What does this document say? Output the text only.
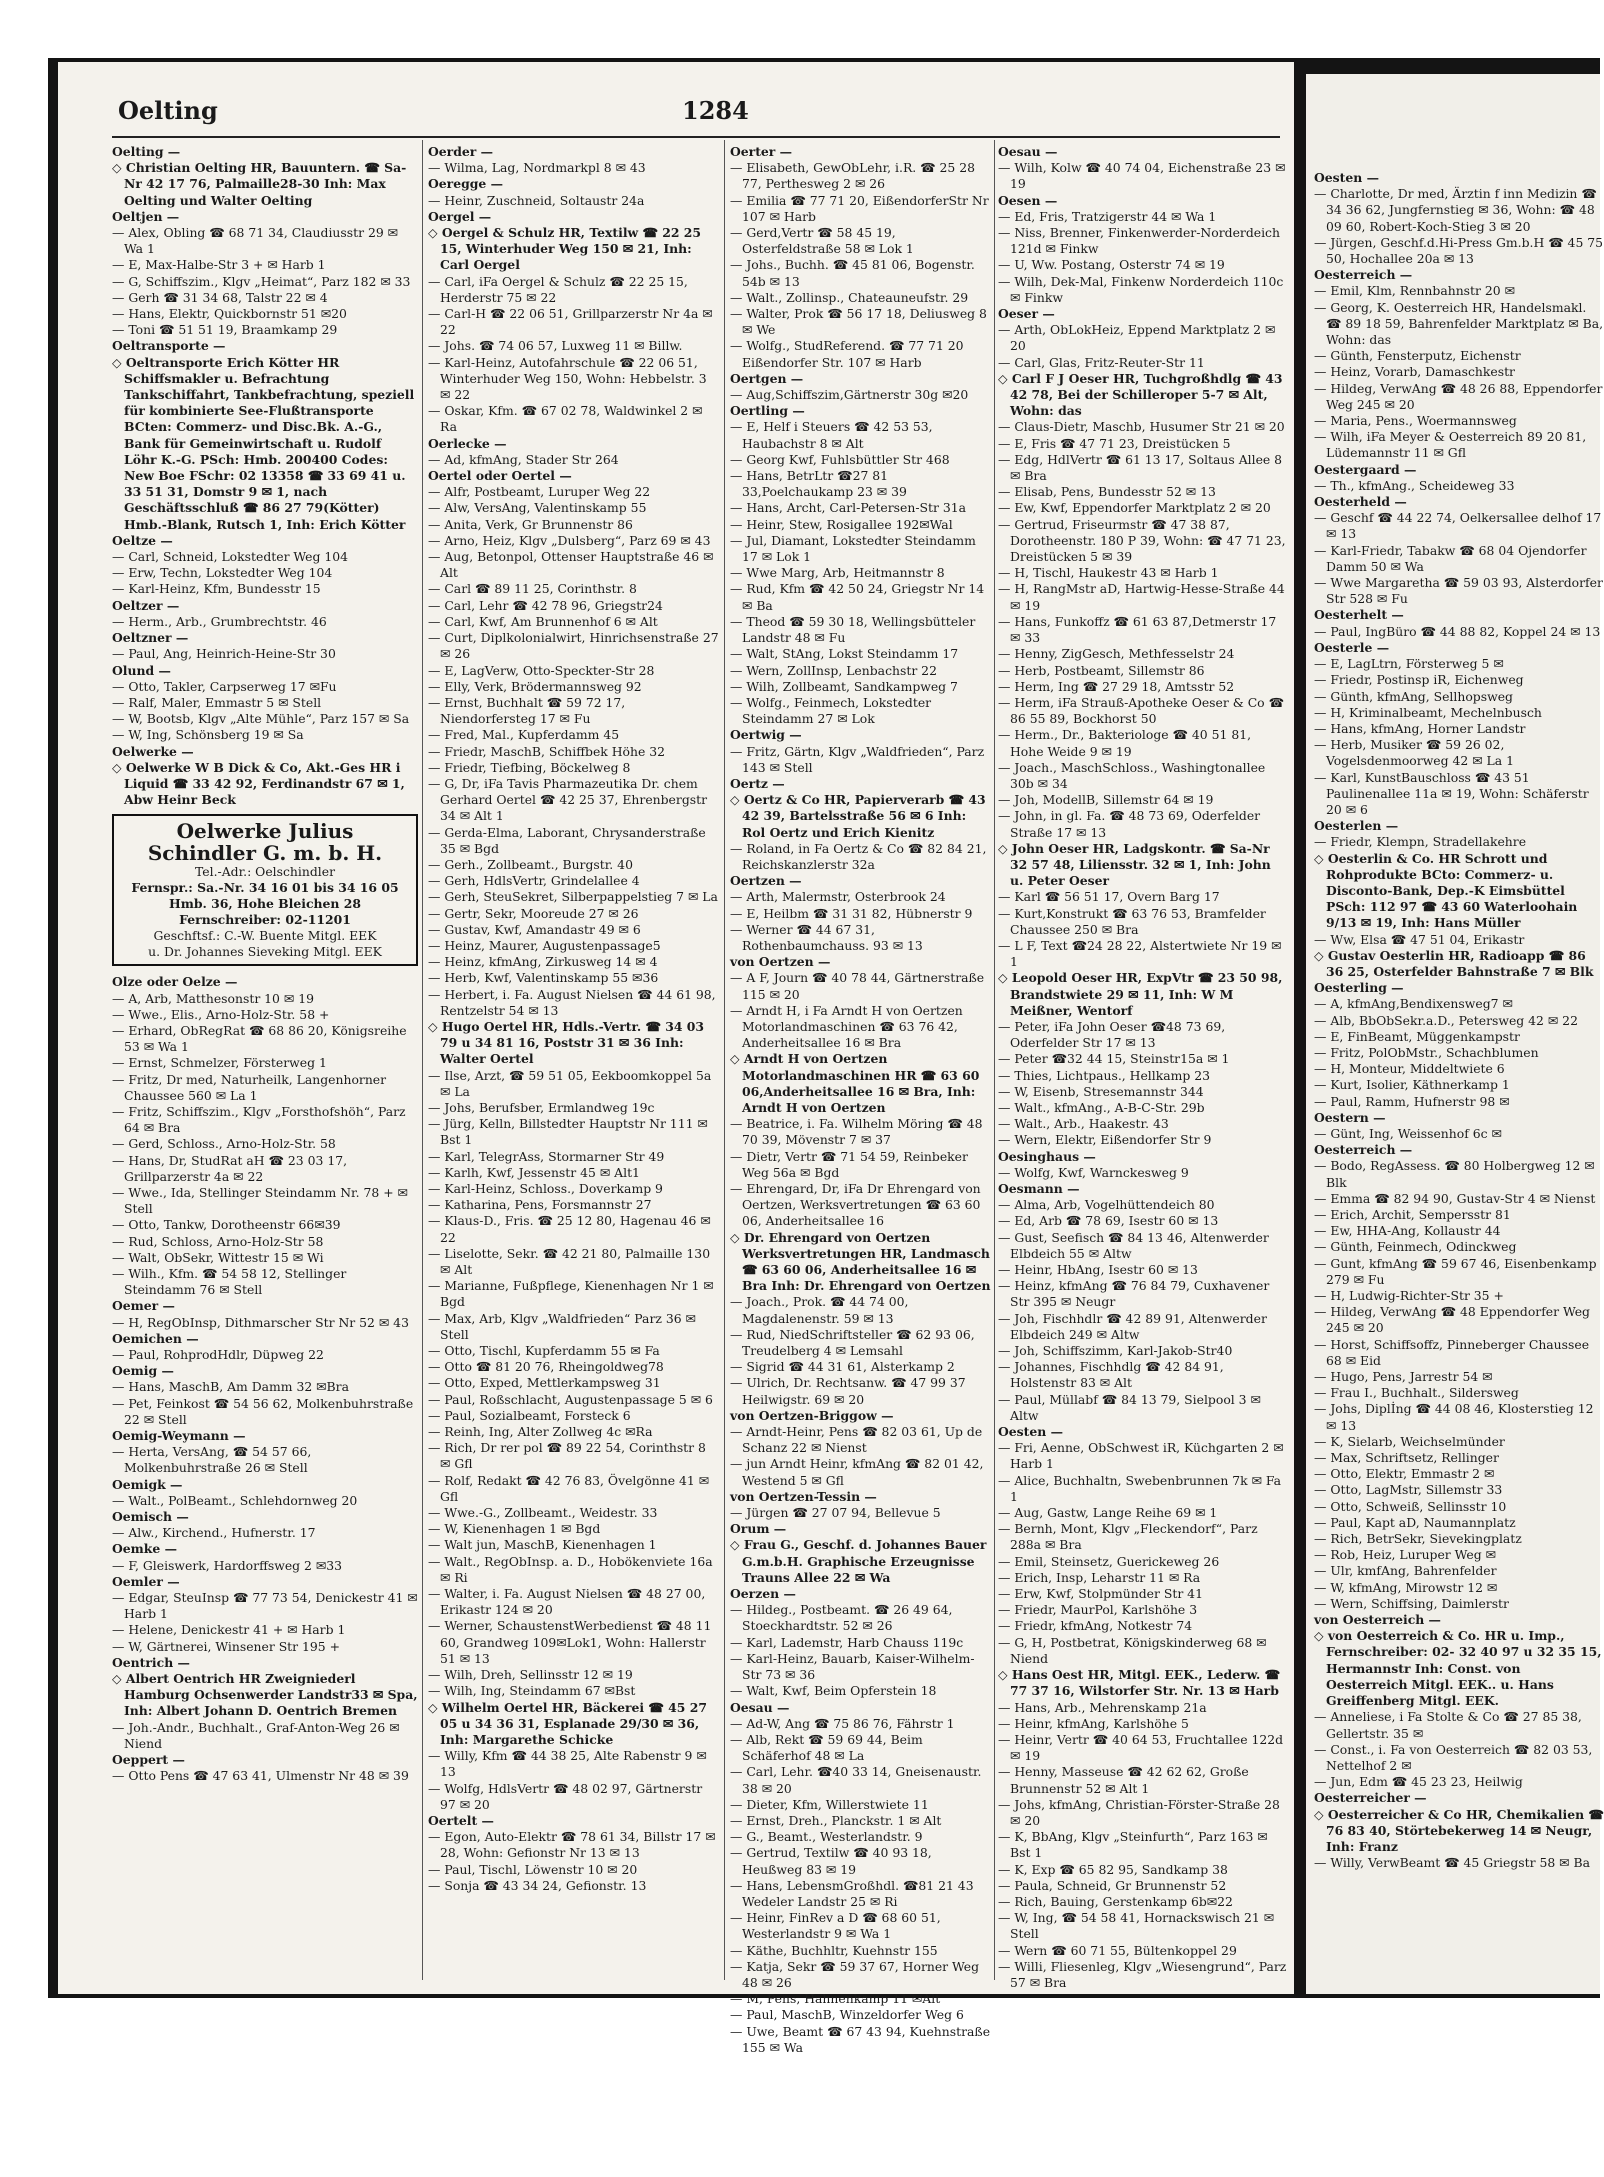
Oelting	1284

Oelting —

◇ Christian Oelting HR, Bauuntern. ☎ Sa-Nr 42 17 76, Palmaille28-30 Inh: Max Oelting und Walter Oelting

Oeltjen —

— Alex, Obling ☎ 68 71 34, Claudiusstr 29 ✉ Wa 1

— E, Max-Halbe-Str 3 + ✉ Harb 1

— G, Schiffszim., Klgv „Heimat“, Parz 182 ✉ 33

— Gerh ☎ 31 34 68, Talstr 22 ✉ 4

— Hans, Elektr, Quickbornstr 51 ✉20

— Toni ☎ 51 51 19, Braamkamp 29

Oeltransporte —

◇ Oeltransporte Erich Kötter HR Schiffsmakler u. Befrachtung Tankschiffahrt, Tankbefrachtung, speziell für kombinierte See-Flußtransporte BCten: Commerz- und Disc.Bk. A.-G., Bank für Gemeinwirtschaft u. Rudolf Löhr K.-G. PSch: Hmb. 200400 Codes: New Boe FSchr: 02 13358 ☎ 33 69 41 u. 33 51 31, Domstr 9 ✉ 1, nach Geschäftsschluß ☎ 86 27 79(Kötter) Hmb.-Blank, Rutsch 1, Inh: Erich Kötter

Oeltze —

— Carl, Schneid, Lokstedter Weg 104

— Erw, Techn, Lokstedter Weg 104

— Karl-Heinz, Kfm, Bundesstr 15

Oeltzer —

— Herm., Arb., Grumbrechtstr. 46

Oeltzner —

— Paul, Ang, Heinrich-Heine-Str 30

Olund —

— Otto, Takler, Carpserweg 17 ✉Fu

— Ralf, Maler, Emmastr 5 ✉ Stell

— W, Bootsb, Klgv „Alte Mühle“, Parz 157 ✉ Sa

— W, Ing, Schönsberg 19 ✉ Sa

Oelwerke —

◇ Oelwerke W B Dick & Co, Akt.-Ges HR i Liquid ☎ 33 42 92, Ferdinandstr 67 ✉ 1, Abw Heinr Beck

Oelwerke Julius
Schindler G. m. b. H.
Tel.-Adr.: Oelschindler
Fernspr.: Sa.-Nr. 34 16 01 bis 34 16 05
Hmb. 36, Hohe Bleichen 28
Fernschreiber: 02-11201
Geschftsf.: C.-W. Buente Mitgl. EEK
u. Dr. Johannes Sieveking Mitgl. EEK

Olze oder Oelze —

— A, Arb, Matthesonstr 10 ✉ 19

— Wwe., Elis., Arno-Holz-Str. 58 +

— Erhard, ObRegRat ☎ 68 86 20, Königsreihe 53 ✉ Wa 1

— Ernst, Schmelzer, Försterweg 1

— Fritz, Dr med, Naturheilk, Langenhorner Chaussee 560 ✉ La 1

— Fritz, Schiffszim., Klgv „Forsthofshöh“, Parz 64 ✉ Bra

— Gerd, Schloss., Arno-Holz-Str. 58

— Hans, Dr, StudRat aH ☎ 23 03 17, Grillparzerstr 4a ✉ 22

— Wwe., Ida, Stellinger Steindamm Nr. 78 + ✉ Stell

— Otto, Tankw, Dorotheenstr 66✉39

— Rud, Schloss, Arno-Holz-Str 58

— Walt, ObSekr, Wittestr 15 ✉ Wi

— Wilh., Kfm. ☎ 54 58 12, Stellinger Steindamm 76 ✉ Stell

Oemer —

— H, RegObInsp, Dithmarscher Str Nr 52 ✉ 43

Oemichen —

— Paul, RohprodHdlr, Düpweg 22

Oemig —

— Hans, MaschB, Am Damm 32 ✉Bra

— Pet, Feinkost ☎ 54 56 62, Molkenbuhrstraße 22 ✉ Stell

Oemig-Weymann —

— Herta, VersAng, ☎ 54 57 66, Molkenbuhrstraße 26 ✉ Stell

Oemigk —

— Walt., PolBeamt., Schlehdornweg 20

Oemisch —

— Alw., Kirchend., Hufnerstr. 17

Oemke —

— F, Gleiswerk, Hardorffsweg 2 ✉33

Oemler —

— Edgar, SteuInsp ☎ 77 73 54, Denickestr 41 ✉ Harb 1

— Helene, Denickestr 41 + ✉ Harb 1

— W, Gärtnerei, Winsener Str 195 +

Oentrich —

◇ Albert Oentrich HR Zweigniederl Hamburg Ochsenwerder Landstr33 ✉ Spa, Inh: Albert Johann D. Oentrich Bremen

— Joh.-Andr., Buchhalt., Graf-Anton-Weg 26 ✉ Niend

Oeppert —

— Otto Pens ☎ 47 63 41, Ulmenstr Nr 48 ✉ 39

Oerder —

— Wilma, Lag, Nordmarkpl 8 ✉ 43

Oeregge —

— Heinr, Zuschneid, Soltaustr 24a

Oergel —

◇ Oergel & Schulz HR, Textilw ☎ 22 25 15, Winterhuder Weg 150 ✉ 21, Inh: Carl Oergel

— Carl, iFa Oergel & Schulz ☎ 22 25 15, Herderstr 75 ✉ 22

— Carl-H ☎ 22 06 51, Grillparzerstr Nr 4a ✉ 22

— Johs. ☎ 74 06 57, Luxweg 11 ✉ Billw.

— Karl-Heinz, Autofahrschule ☎ 22 06 51, Winterhuder Weg 150, Wohn: Hebbelstr. 3 ✉ 22

— Oskar, Kfm. ☎ 67 02 78, Waldwinkel 2 ✉ Ra

Oerlecke —

— Ad, kfmAng, Stader Str 264

Oertel oder Oertel —

— Alfr, Postbeamt, Luruper Weg 22

— Alw, VersAng, Valentinskamp 55

— Anita, Verk, Gr Brunnenstr 86

— Arno, Heiz, Klgv „Dulsberg“, Parz 69 ✉ 43

— Aug, Betonpol, Ottenser Hauptstraße 46 ✉ Alt

— Carl ☎ 89 11 25, Corinthstr. 8

— Carl, Lehr ☎ 42 78 96, Griegstr24

— Carl, Kwf, Am Brunnenhof 6 ✉ Alt

— Curt, Diplkolonialwirt, Hinrichsenstraße 27 ✉ 26

— E, LagVerw, Otto-Speckter-Str 28

— Elly, Verk, Brödermannsweg 92

— Ernst, Buchhalt ☎ 59 72 17, Niendorfersteg 17 ✉ Fu

— Fred, Mal., Kupferdamm 45

— Friedr, MaschB, Schiffbek Höhe 32

— Friedr, Tiefbing, Böckelweg 8

— G, Dr, iFa Tavis Pharmazeutika Dr. chem Gerhard Oertel ☎ 42 25 37, Ehrenbergstr 34 ✉ Alt 1

— Gerda-Elma, Laborant, Chrysanderstraße 35 ✉ Bgd

— Gerh., Zollbeamt., Burgstr. 40

— Gerh, HdlsVertr, Grindelallee 4

— Gerh, SteuSekret, Silberpappelstieg 7 ✉ La

— Gertr, Sekr, Mooreude 27 ✉ 26

— Gustav, Kwf, Amandastr 49 ✉ 6

— Heinz, Maurer, Augustenpassage5

— Heinz, kfmAng, Zirkusweg 14 ✉ 4

— Herb, Kwf, Valentinskamp 55 ✉36

— Herbert, i. Fa. August Nielsen ☎ 44 61 98, Rentzelstr 54 ✉ 13

◇ Hugo Oertel HR, Hdls.-Vertr. ☎ 34 03 79 u 34 81 16, Poststr 31 ✉ 36 Inh: Walter Oertel

— Ilse, Arzt, ☎ 59 51 05, Eekboomkoppel 5a ✉ La

— Johs, Berufsber, Ermlandweg 19c

— Jürg, Kelln, Billstedter Hauptstr Nr 111 ✉ Bst 1

— Karl, TelegrAss, Stormarner Str 49

— Karlh, Kwf, Jessenstr 45 ✉ Alt1

— Karl-Heinz, Schloss., Doverkamp 9

— Katharina, Pens, Forsmannstr 27

— Klaus-D., Fris. ☎ 25 12 80, Hagenau 46 ✉ 22

— Liselotte, Sekr. ☎ 42 21 80, Palmaille 130 ✉ Alt

— Marianne, Fußpflege, Kienenhagen Nr 1 ✉ Bgd

— Max, Arb, Klgv „Waldfrieden“ Parz 36 ✉ Stell

— Otto, Tischl, Kupferdamm 55 ✉ Fa

— Otto ☎ 81 20 76, Rheingoldweg78

— Otto, Exped, Mettlerkampsweg 31

— Paul, Roßschlacht, Augustenpassage 5 ✉ 6

— Paul, Sozialbeamt, Forsteck 6

— Reinh, Ing, Alter Zollweg 4c ✉Ra

— Rich, Dr rer pol ☎ 89 22 54, Corinthstr 8 ✉ Gfl

— Rolf, Redakt ☎ 42 76 83, Övelgönne 41 ✉ Gfl

— Wwe.-G., Zollbeamt., Weidestr. 33

— W, Kienenhagen 1 ✉ Bgd

— Walt jun, MaschB, Kienenhagen 1

— Walt., RegObInsp. a. D., Hobökenviete 16a ✉ Ri

— Walter, i. Fa. August Nielsen ☎ 48 27 00, Erikastr 124 ✉ 20

— Werner, SchaustenstWerbedienst ☎ 48 11 60, Grandweg 109✉Lok1, Wohn: Hallerstr 51 ✉ 13

— Wilh, Dreh, Sellinsstr 12 ✉ 19

— Wilh, Ing, Steindamm 67 ✉Bst

◇ Wilhelm Oertel HR, Bäckerei ☎ 45 27 05 u 34 36 31, Esplanade 29/30 ✉ 36, Inh: Margarethe Schicke

— Willy, Kfm ☎ 44 38 25, Alte Rabenstr 9 ✉ 13

— Wolfg, HdlsVertr ☎ 48 02 97, Gärtnerstr 97 ✉ 20

Oertelt —

— Egon, Auto-Elektr ☎ 78 61 34, Billstr 17 ✉ 28, Wohn: Gefionstr Nr 13 ✉ 13

— Paul, Tischl, Löwenstr 10 ✉ 20

— Sonja ☎ 43 34 24, Gefionstr. 13

Oerter —

— Elisabeth, GewObLehr, i.R. ☎ 25 28 77, Perthesweg 2 ✉ 26

— Emilia ☎ 77 71 20, EißendorferStr Nr 107 ✉ Harb

— Gerd,Vertr ☎ 58 45 19, Osterfeldstraße 58 ✉ Lok 1

— Johs., Buchh. ☎ 45 81 06, Bogenstr. 54b ✉ 13

— Walt., Zollinsp., Chateauneufstr. 29

— Walter, Prok ☎ 56 17 18, Deliusweg 8 ✉ We

— Wolfg., StudReferend. ☎ 77 71 20 Eißendorfer Str. 107 ✉ Harb

Oertgen —

— Aug,Schiffszim,Gärtnerstr 30g ✉20

Oertling —

— E, Helf i Steuers ☎ 42 53 53, Haubachstr 8 ✉ Alt

— Georg Kwf, Fuhlsbüttler Str 468

— Hans, BetrLtr ☎27 81 33,Poelchaukamp 23 ✉ 39

— Hans, Archt, Carl-Petersen-Str 31a

— Heinr, Stew, Rosigallee 192✉Wal

— Jul, Diamant, Lokstedter Steindamm 17 ✉ Lok 1

— Wwe Marg, Arb, Heitmannstr 8

— Rud, Kfm ☎ 42 50 24, Griegstr Nr 14 ✉ Ba

— Theod ☎ 59 30 18, Wellingsbütteler Landstr 48 ✉ Fu

— Walt, StAng, Lokst Steindamm 17

— Wern, ZollInsp, Lenbachstr 22

— Wilh, Zollbeamt, Sandkampweg 7

— Wolfg., Feinmech, Lokstedter Steindamm 27 ✉ Lok

Oertwig —

— Fritz, Gärtn, Klgv „Waldfrieden“, Parz 143 ✉ Stell

Oertz —

◇ Oertz & Co HR, Papierverarb ☎ 43 42 39, Bartelsstraße 56 ✉ 6 Inh: Rol Oertz und Erich Kienitz

— Roland, in Fa Oertz & Co ☎ 82 84 21, Reichskanzlerstr 32a

Oertzen —

— Arth, Malermstr, Osterbrook 24

— E, Heilbm ☎ 31 31 82, Hübnerstr 9

— Werner ☎ 44 67 31, Rothenbaumchauss. 93 ✉ 13

von Oertzen —

— A F, Journ ☎ 40 78 44, Gärtnerstraße 115 ✉ 20

— Arndt H, i Fa Arndt H von Oertzen Motorlandmaschinen ☎ 63 76 42, Anderheitsallee 16 ✉ Bra

◇ Arndt H von Oertzen Motorlandmaschinen HR ☎ 63 60 06,Anderheitsallee 16 ✉ Bra, Inh: Arndt H von Oertzen

— Beatrice, i. Fa. Wilhelm Möring ☎ 48 70 39, Mövenstr 7 ✉ 37

— Dietr, Vertr ☎ 71 54 59, Reinbeker Weg 56a ✉ Bgd

— Ehrengard, Dr, iFa Dr Ehrengard von Oertzen, Werksvertretungen ☎ 63 60 06, Anderheitsallee 16

◇ Dr. Ehrengard von Oertzen Werksvertretungen HR, Landmasch ☎ 63 60 06, Anderheitsallee 16 ✉Bra Inh: Dr. Ehrengard von Oertzen

— Joach., Prok. ☎ 44 74 00, Magdalenenstr. 59 ✉ 13

— Rud, NiedSchriftsteller ☎ 62 93 06, Treudelberg 4 ✉ Lemsahl

— Sigrid ☎ 44 31 61, Alsterkamp 2

— Ulrich, Dr. Rechtsanw. ☎ 47 99 37 Heilwigstr. 69 ✉ 20

von Oertzen-Briggow —

— Arndt-Heinr, Pens ☎ 82 03 61, Up de Schanz 22 ✉ Nienst

— jun Arndt Heinr, kfmAng ☎ 82 01 42, Westend 5 ✉ Gfl

von Oertzen-Tessin —

— Jürgen ☎ 27 07 94, Bellevue 5

Orum —

◇ Frau G., Geschf. d. Johannes Bauer G.m.b.H. Graphische Erzeugnisse Trauns Allee 22 ✉ Wa

Oerzen —

— Hildeg., Postbeamt. ☎ 26 49 64, Stoeckhardtstr. 52 ✉ 26

— Karl, Lademstr, Harb Chauss 119c

— Karl-Heinz, Bauarb, Kaiser-Wilhelm-Str 73 ✉ 36

— Walt, Kwf, Beim Opferstein 18

Oesau —

— Ad-W, Ang ☎ 75 86 76, Fährstr 1

— Alb, Rekt ☎ 59 69 44, Beim Schäferhof 48 ✉ La

— Carl, Lehr. ☎40 33 14, Gneisenaustr. 38 ✉ 20

— Dieter, Kfm, Willerstwiete 11

— Ernst, Dreh., Planckstr. 1 ✉ Alt

— G., Beamt., Westerlandstr. 9

— Gertrud, Textilw ☎ 40 93 18, Heußweg 83 ✉ 19

— Hans, LebensmGroßhdl. ☎81 21 43 Wedeler Landstr 25 ✉ Ri

— Heinr, FinRev a D ☎ 68 60 51, Westerlandstr 9 ✉ Wa 1

— Käthe, Buchhltr, Kuehnstr 155

— Katja, Sekr ☎ 59 37 67, Horner Weg 48 ✉ 26

— M, Pens, Hahnenkamp 11 ✉Alt

— Paul, MaschB, Winzeldorfer Weg 6

— Uwe, Beamt ☎ 67 43 94, Kuehnstraße 155 ✉ Wa

Oesau —

— Wilh, Kolw ☎ 40 74 04, Eichenstraße 23 ✉ 19

Oesen —

— Ed, Fris, Tratzigerstr 44 ✉ Wa 1

— Niss, Brenner, Finkenwerder-Norderdeich 121d ✉ Finkw

— U, Ww. Postang, Osterstr 74 ✉ 19

— Wilh, Dek-Mal, Finkenw Norderdeich 110c ✉ Finkw

Oeser —

— Arth, ObLokHeiz, Eppend Marktplatz 2 ✉ 20

— Carl, Glas, Fritz-Reuter-Str 11

◇ Carl F J Oeser HR, Tuchgroßhdlg ☎ 43 42 78, Bei der Schilleroper 5-7 ✉ Alt, Wohn: das

— Claus-Dietr, Maschb, Husumer Str 21 ✉ 20

— E, Fris ☎ 47 71 23, Dreistücken 5

— Edg, HdlVertr ☎ 61 13 17, Soltaus Allee 8 ✉ Bra

— Elisab, Pens, Bundesstr 52 ✉ 13

— Ew, Kwf, Eppendorfer Marktplatz 2 ✉ 20

— Gertrud, Friseurmstr ☎ 47 38 87, Dorotheenstr. 180 P 39, Wohn: ☎ 47 71 23, Dreistücken 5 ✉ 39

— H, Tischl, Haukestr 43 ✉ Harb 1

— H, RangMstr aD, Hartwig-Hesse-Straße 44 ✉ 19

— Hans, Funkoffz ☎ 61 63 87,Detmerstr 17 ✉ 33

— Henny, ZigGesch, Methfesselstr 24

— Herb, Postbeamt, Sillemstr 86

— Herm, Ing ☎ 27 29 18, Amtsstr 52

— Herm, iFa Strauß-Apotheke Oeser & Co ☎ 86 55 89, Bockhorst 50

— Herm., Dr., Bakteriologe ☎ 40 51 81, Hohe Weide 9 ✉ 19

— Joach., MaschSchloss., Washingtonallee 30b ✉ 34

— Joh, ModellB, Sillemstr 64 ✉ 19

— John, in gl. Fa. ☎ 48 73 69, Oderfelder Straße 17 ✉ 13

◇ John Oeser HR, Ladgskontr. ☎ Sa-Nr 32 57 48, Liliensstr. 32 ✉ 1, Inh: John u. Peter Oeser

— Karl ☎ 56 51 17, Overn Barg 17

— Kurt,Konstrukt ☎ 63 76 53, Bramfelder Chaussee 250 ✉ Bra

— L F, Text ☎24 28 22, Alstertwiete Nr 19 ✉ 1

◇ Leopold Oeser HR, ExpVtr ☎ 23 50 98, Brandstwiete 29 ✉ 11, Inh: W M Meißner, Wentorf

— Peter, iFa John Oeser ☎48 73 69, Oderfelder Str 17 ✉ 13

— Peter ☎32 44 15, Steinstr15a ✉ 1

— Thies, Lichtpaus., Hellkamp 23

— W, Eisenb, Stresemannstr 344

— Walt., kfmAng., A-B-C-Str. 29b

— Walt., Arb., Haakestr. 43

— Wern, Elektr, Eißendorfer Str 9

Oesinghaus —

— Wolfg, Kwf, Warnckesweg 9

Oesmann —

— Alma, Arb, Vogelhüttendeich 80

— Ed, Arb ☎ 78 69, Isestr 60 ✉ 13

— Gust, Seefisch ☎ 84 13 46, Altenwerder Elbdeich 55 ✉ Altw

— Heinr, HbAng, Isestr 60 ✉ 13

— Heinz, kfmAng ☎ 76 84 79, Cuxhavener Str 395 ✉ Neugr

— Joh, Fischhdlr ☎ 42 89 91, Altenwerder Elbdeich 249 ✉ Altw

— Joh, Schiffszimm, Karl-Jakob-Str40

— Johannes, Fischhdlg ☎ 42 84 91, Holstenstr 83 ✉ Alt

— Paul, Müllabf ☎ 84 13 79, Sielpool 3 ✉ Altw

Oesten —

— Fri, Aenne, ObSchwest iR, Küchgarten 2 ✉ Harb 1

— Alice, Buchhaltn, Swebenbrunnen 7k ✉ Fa 1

— Aug, Gastw, Lange Reihe 69 ✉ 1

— Bernh, Mont, Klgv „Fleckendorf“, Parz 288a ✉ Bra

— Emil, Steinsetz, Guerickeweg 26

— Erich, Insp, Leharstr 11 ✉ Ra

— Erw, Kwf, Stolpmünder Str 41

— Friedr, MaurPol, Karlshöhe 3

— Friedr, kfmAng, Notkestr 74

— G, H, Postbetrat, Königskinderweg 68 ✉ Niend

◇ Hans Oest HR, Mitgl. EEK., Lederw. ☎ 77 37 16, Wilstorfer Str. Nr. 13 ✉ Harb

— Hans, Arb., Mehrenskamp 21a

— Heinr, kfmAng, Karlshöhe 5

— Heinr, Vertr ☎ 40 64 53, Fruchtallee 122d ✉ 19

— Henny, Masseuse ☎ 42 62 62, Große Brunnenstr 52 ✉ Alt 1

— Johs, kfmAng, Christian-Förster-Straße 28 ✉ 20

— K, BbAng, Klgv „Steinfurth“, Parz 163 ✉ Bst 1

— K, Exp ☎ 65 82 95, Sandkamp 38

— Paula, Schneid, Gr Brunnenstr 52

— Rich, Bauing, Gerstenkamp 6b✉22

— W, Ing, ☎ 54 58 41, Hornackswisch 21 ✉ Stell

— Wern ☎ 60 71 55, Bültenkoppel 29

— Willi, Fliesenleg, Klgv „Wiesengrund“, Parz 57 ✉ Bra

Oesten —

— Charlotte, Dr med, Ärztin f inn Medizin ☎ 34 36 62, Jungfernstieg ✉ 36, Wohn: ☎ 48 09 60, Robert-Koch-Stieg 3 ✉ 20

— Jürgen, Geschf.d.Hi-Press Gm.b.H ☎ 45 75 50, Hochallee 20a ✉ 13

Oesterreich —

— Emil, Klm, Rennbahnstr 20 ✉

— Georg, K. Oesterreich HR, Handelsmakl. ☎ 89 18 59, Bahrenfelder Marktplatz ✉ Ba, Wohn: das

— Günth, Fensterputz, Eichenstr

— Heinz, Vorarb, Damaschkestr

— Hildeg, VerwAng ☎ 48 26 88, Eppendorfer Weg 245 ✉ 20

— Maria, Pens., Woermannsweg

— Wilh, iFa Meyer & Oesterreich 89 20 81, Lüdemannstr 11 ✉ Gfl

Oestergaard —

— Th., kfmAng., Scheideweg 33

Oesterheld —

— Geschf ☎ 44 22 74, Oelkersallee delhof 17 ✉ 13

— Karl-Friedr, Tabakw ☎ 68 04 Ojendorfer Damm 50 ✉ Wa

— Wwe Margaretha ☎ 59 03 93, Alsterdorfer Str 528 ✉ Fu

Oesterhelt —

— Paul, IngBüro ☎ 44 88 82, Koppel 24 ✉ 13

Oesterle —

— E, LagLtrn, Försterweg 5 ✉

— Friedr, Postinsp iR, Eichenweg

— Günth, kfmAng, Sellhopsweg

— H, Kriminalbeamt, Mechelnbusch

— Hans, kfmAng, Horner Landstr

— Herb, Musiker ☎ 59 26 02, Vogelsdenmoorweg 42 ✉ La 1

— Karl, KunstBauschloss ☎ 43 51 Paulinenallee 11a ✉ 19, Wohn: Schäferstr 20 ✉ 6

Oesterlen —

— Friedr, Klempn, Stradellakehre

◇ Oesterlin & Co. HR Schrott und Rohprodukte BCto: Commerz- u. Disconto-Bank, Dep.-K Eimsbüttel PSch: 112 97 ☎ 43 60 Waterloohain 9/13 ✉ 19, Inh: Hans Müller

— Ww, Elsa ☎ 47 51 04, Erikastr

◇ Gustav Oesterlin HR, Radioapp ☎ 86 36 25, Osterfelder Bahnstraße 7 ✉ Blk

Oesterling —

— A, kfmAng,Bendixensweg7 ✉

— Alb, BbObSekr.a.D., Petersweg 42 ✉ 22

— E, FinBeamt, Müggenkampstr

— Fritz, PolObMstr., Schachblumen

— H, Monteur, Middeltwiete 6

— Kurt, Isolier, Käthnerkamp 1

— Paul, Ramm, Hufnerstr 98 ✉

Oestern —

— Günt, Ing, Weissenhof 6c ✉

Oesterreich —

— Bodo, RegAssess. ☎ 80 Holbergweg 12 ✉ Blk

— Emma ☎ 82 94 90, Gustav-Str 4 ✉ Nienst

— Erich, Archit, Sempersstr 81

— Ew, HHA-Ang, Kollaustr 44

— Günth, Feinmech, Odinckweg

— Gunt, kfmAng ☎ 59 67 46, Eisenbenkamp 279 ✉ Fu

— H, Ludwig-Richter-Str 35 +

— Hildeg, VerwAng ☎ 48 Eppendorfer Weg 245 ✉ 20

— Horst, Schiffsoffz, Pinneberger Chaussee 68 ✉ Eid

— Hugo, Pens, Jarrestr 54 ✉

— Frau I., Buchhalt., Sildersweg

— Johs, Diplİng ☎ 44 08 46, Klosterstieg 12 ✉ 13

— K, Sielarb, Weichselmünder

— Max, Schriftsetz, Rellinger

— Otto, Elektr, Emmastr 2 ✉

— Otto, LagMstr, Sillemstr 33

— Otto, Schweiß, Sellinsstr 10

— Paul, Kapt aD, Naumannplatz

— Rich, BetrSekr, Sievekingplatz

— Rob, Heiz, Luruper Weg ✉

— Ulr, kmfAng, Bahrenfelder

— W, kfmAng, Mirowstr 12 ✉

— Wern, Schiffsing, Daimlerstr

von Oesterreich —

◇ von Oesterreich & Co. HR u. Imp., Fernschreiber: 02- 32 40 97 u 32 35 15, Hermannstr Inh: Const. von Oesterreich Mitgl. EEK.. u. Hans Greiffenberg Mitgl. EEK.

— Anneliese, i Fa Stolte & Co ☎ 27 85 38, Gellertstr. 35 ✉

— Const., i. Fa von Oesterreich ☎ 82 03 53, Nettelhof 2 ✉

— Jun, Edm ☎ 45 23 23, Heilwig

Oesterreicher —

◇ Oesterreicher & Co HR, Chemikalien ☎ 76 83 40, Störtebekerweg 14 ✉ Neugr, Inh: Franz

— Willy, VerwBeamt ☎ 45 Griegstr 58 ✉ Ba
